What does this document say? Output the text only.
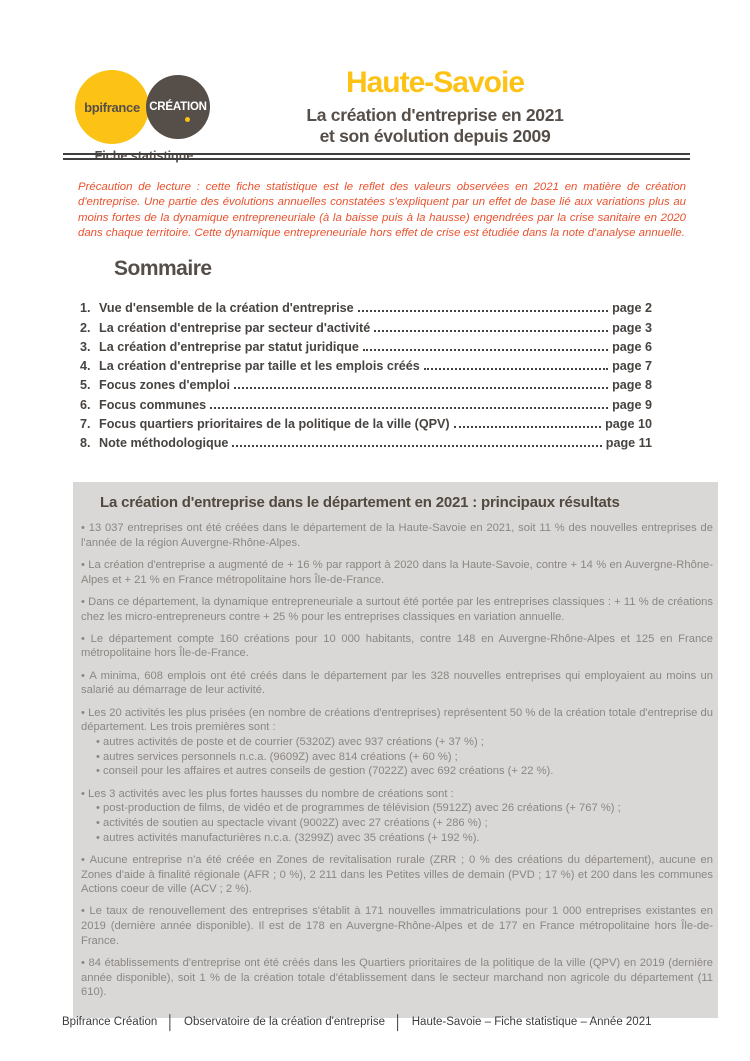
bpifrance CRÉATION
Fiche statistique
Haute-Savoie

La création d'entreprise en 2021

et son évolution depuis 2009

Précaution de lecture : cette fiche statistique est le reflet des valeurs observées en 2021 en matière de création d'entreprise. Une partie des évolutions annuelles constatées s'expliquent par un effet de base lié aux variations plus au moins fortes de la dynamique entrepreneuriale (à la baisse puis à la hausse) engendrées par la crise sanitaire en 2020 dans chaque territoire. Cette dynamique entrepreneuriale hors effet de crise est étudiée dans la note d'analyse annuelle.

Sommaire
1. Vue d'ensemble de la création d'entreprise	page 2
2. La création d'entreprise par secteur d'activité	page 3
3. La création d'entreprise par statut juridique	page 6
4. La création d'entreprise par taille et les emplois créés	page 7
5. Focus zones d'emploi	page 8
6. Focus communes	page 9
7. Focus quartiers prioritaires de la politique de la ville (QPV)	page 10
8. Note méthodologique	page 11
La création d'entreprise dans le département en 2021 : principaux résultats

• 13 037 entreprises ont été créées dans le département de la Haute-Savoie en 2021, soit 11 % des nouvelles entreprises de l'année de la région Auvergne-Rhône-Alpes.

• La création d'entreprise a augmenté de + 16 % par rapport à 2020 dans la Haute-Savoie, contre + 14 % en Auvergne-Rhône-Alpes et + 21 % en France métropolitaine hors Île-de-France.

• Dans ce département, la dynamique entrepreneuriale a surtout été portée par les entreprises classiques : + 11 % de créations chez les micro-entrepreneurs contre + 25 % pour les entreprises classiques en variation annuelle.

• Le département compte 160 créations pour 10 000 habitants, contre 148 en Auvergne-Rhône-Alpes et 125 en France métropolitaine hors Île-de-France.

• A minima, 608 emplois ont été créés dans le département par les 328 nouvelles entreprises qui employaient au moins un salarié au démarrage de leur activité.

• Les 20 activités les plus prisées (en nombre de créations d'entreprises) représentent 50 % de la création totale d'entreprise du département. Les trois premières sont :

• autres activités de poste et de courrier (5320Z) avec 937 créations (+ 37 %) ;

• autres services personnels n.c.a. (9609Z) avec 814 créations (+ 60 %) ;

• conseil pour les affaires et autres conseils de gestion (7022Z) avec 692 créations (+ 22 %).

• Les 3 activités avec les plus fortes hausses du nombre de créations sont :

• post-production de films, de vidéo et de programmes de télévision (5912Z) avec 26 créations (+ 767 %) ;

• activités de soutien au spectacle vivant (9002Z) avec 27 créations (+ 286 %) ;

• autres activités manufacturières n.c.a. (3299Z) avec 35 créations (+ 192 %).

• Aucune entreprise n'a été créée en Zones de revitalisation rurale (ZRR ; 0 % des créations du département), aucune en Zones d'aide à finalité régionale (AFR ; 0 %), 2 211 dans les Petites villes de demain (PVD ; 17 %) et 200 dans les communes Actions coeur de ville (ACV ; 2 %).

• Le taux de renouvellement des entreprises s'établit à 171 nouvelles immatriculations pour 1 000 entreprises existantes en 2019 (dernière année disponible). Il est de 178 en Auvergne-Rhône-Alpes et de 177 en France métropolitaine hors Île-de-France.

• 84 établissements d'entreprise ont été créés dans les Quartiers prioritaires de la politique de la ville (QPV) en 2019 (dernière année disponible), soit 1 % de la création totale d'établissement dans le secteur marchand non agricole du département (11 610).

Bpifrance Création │ Observatoire de la création d'entreprise │ Haute-Savoie – Fiche statistique – Année 2021
